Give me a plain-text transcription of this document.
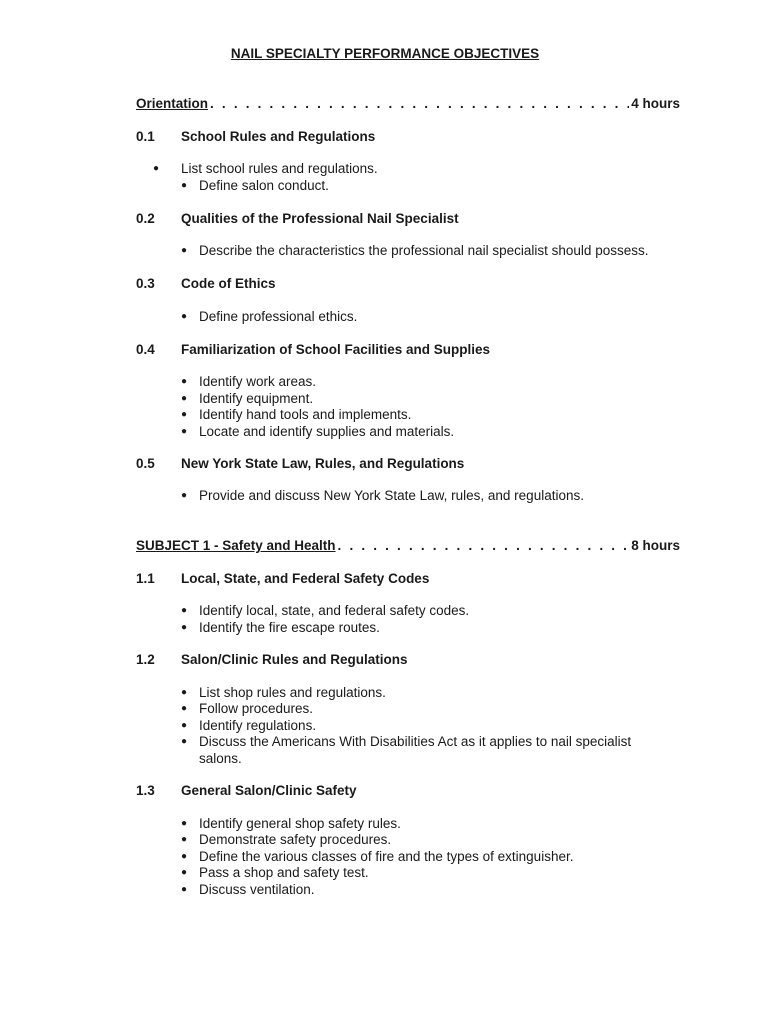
NAIL SPECIALTY PERFORMANCE OBJECTIVES
Orientation . . .	4 hours
0.1 School Rules and Regulations
● List school rules and regulations.
● Define salon conduct.
0.2 Qualities of the Professional Nail Specialist
● Describe the characteristics the professional nail specialist should possess.
0.3 Code of Ethics
● Define professional ethics.
0.4 Familiarization of School Facilities and Supplies
● Identify work areas.
● Identify equipment.
● Identify hand tools and implements.
● Locate and identify supplies and materials.
0.5 New York State Law, Rules, and Regulations
● Provide and discuss New York State Law, rules, and regulations.
SUBJECT 1 - Safety and Health . . .	8 hours
1.1 Local, State, and Federal Safety Codes
● Identify local, state, and federal safety codes.
● Identify the fire escape routes.
1.2 Salon/Clinic Rules and Regulations
● List shop rules and regulations.
● Follow procedures.
● Identify regulations.
● Discuss the Americans With Disabilities Act as it applies to nail specialist salons.
1.3 General Salon/Clinic Safety
● Identify general shop safety rules.
● Demonstrate safety procedures.
● Define the various classes of fire and the types of extinguisher.
● Pass a shop and safety test.
● Discuss ventilation.
